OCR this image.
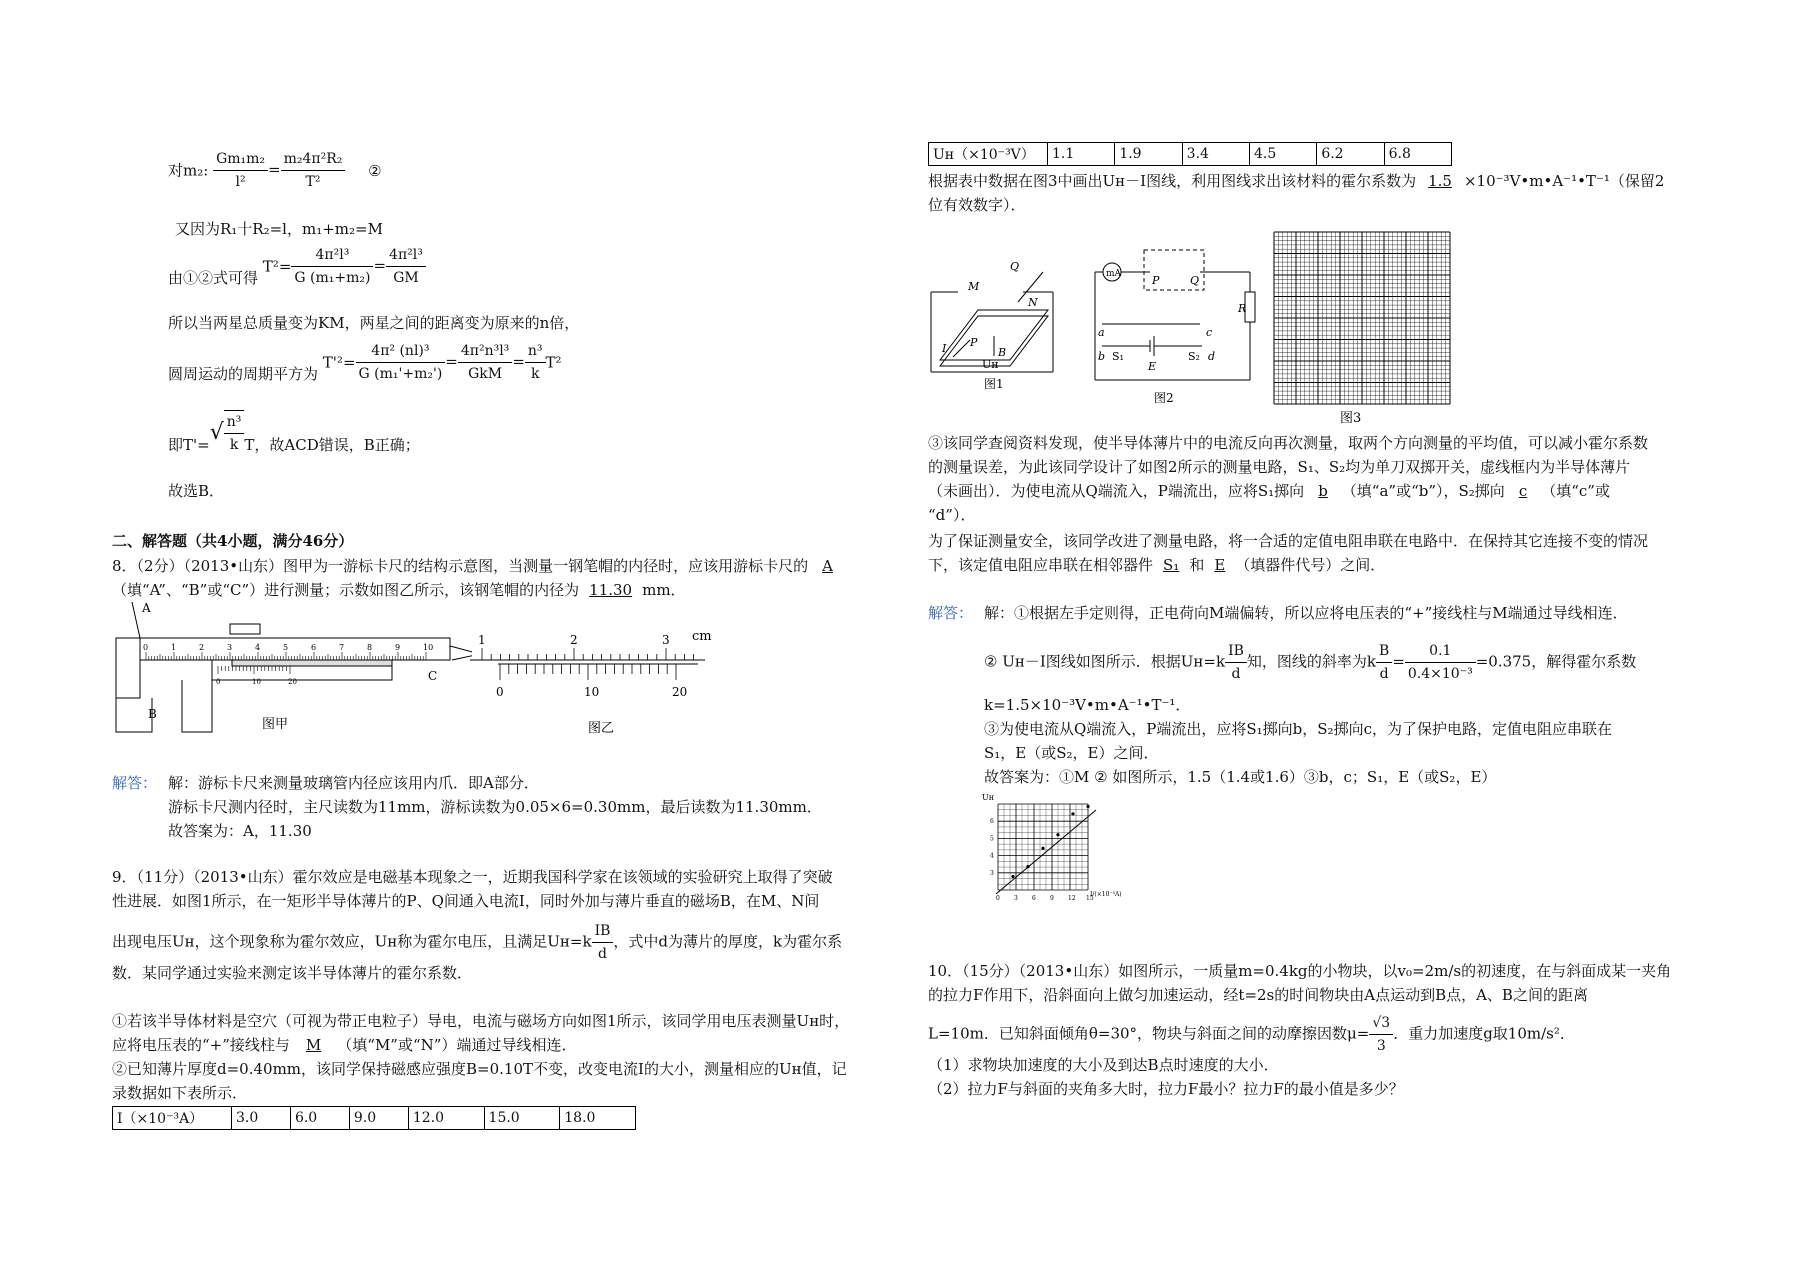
对m₂: $\frac{\text{Gm₁m₂}}{\text{l²}} = \frac{\text{m₂4π²R₂}}{\text{T²}}$ ②
又因为R₁十R₂=l，m₁+m₂=M
由①②式可得 $T^2= \frac{\text{4π²l³}}{\text{G (m₁+m₂)}} = \frac{\text{4π²l³}}{GM}$
所以当两星总质量变为KM，两星之间的距离变为原来的n倍，
圆周运动的周期平方为 $T'^2= \frac{\text{4π² (nl)³}}{\text{G (m₁'+m₂')}} = \frac{\text{4π²n³l³}}{\text{GkM}} = \frac{\text{n³}}{k} T^2$
即$T'=√ \frac{\text{n³}}{k}$ T，故ACD错误，B正确；
故选B．
二、解答题（共4小题，满分46分）
8．（2分）（2013•山东）图甲为一游标卡尺的结构示意图，当测量一钢笔帽的内径时，应该用游标卡尺的 A
（填“A”、“B”或“C”）进行测量；示数如图乙所示，该钢笔帽的内径为 11.30 mm．
0	1	2	3	4	5	6	7	8	9	10
0	10	20
A
B
C
图甲
1	2	3
0	10	20
cm
图乙
解答： 解：游标卡尺来测量玻璃管内径应该用内爪．即A部分．
游标卡尺测内径时，主尺读数为11mm，游标读数为0.05×6=0.30mm，最后读数为11.30mm．
故答案为：A，11.30
9．（11分）（2013•山东）霍尔效应是电磁基本现象之一，近期我国科学家在该领域的实验研究上取得了突破
性进展．如图1所示，在一矩形半导体薄片的P、Q间通入电流I，同时外加与薄片垂直的磁场B，在M、N间
出现电压Uʜ，这个现象称为霍尔效应，Uʜ称为霍尔电压，且满足Uʜ=k $\frac{IB}{d}$ ，式中d为薄片的厚度，k为霍尔系
数．某同学通过实验来测定该半导体薄片的霍尔系数．
①若该半导体材料是空穴（可视为带正电粒子）导电，电流与磁场方向如图1所示，该同学用电压表测量Uʜ时，
应将电压表的“+”接线柱与 M （填“M”或“N”）端通过导线相连．
②已知薄片厚度d=0.40mm，该同学保持磁感应强度B=0.10T不变，改变电流I的大小，测量相应的Uʜ值，记
录数据如下表所示．
I（×10⁻³A）	3.0	6.0	9.0	12.0	15.0	18.0
Uʜ（×10⁻³V）	1.1	1.9	3.4	4.5	6.2	6.8
根据表中数据在图3中画出Uʜ－I图线，利用图线求出该材料的霍尔系数为 1.5 ×10⁻³V•m•A⁻¹•T⁻¹（保留2
位有效数字）．
Q
M
N
P
B
I
Uʜ
图1
mA	P	Q
R
a
b
c
d
S₁
E
S₂
图2
图3
③该同学查阅资料发现，使半导体薄片中的电流反向再次测量，取两个方向测量的平均值，可以减小霍尔系数
的测量误差，为此该同学设计了如图2所示的测量电路，S₁、S₂均为单刀双掷开关，虚线框内为半导体薄片
（未画出）．为使电流从Q端流入，P端流出，应将S₁掷向 b （填“a”或“b”），S₂掷向 c （填“c”或
“d”）．
为了保证测量安全，该同学改进了测量电路，将一合适的定值电阻串联在电路中．在保持其它连接不变的情况
下，该定值电阻应串联在相邻器件 S₁ 和 E （填器件代号）之间．
解答： 解：①根据左手定则得，正电荷向M端偏转，所以应将电压表的“+”接线柱与M端通过导线相连．
② Uʜ－I图线如图所示．根据Uʜ=k $\frac{IB}{d}$ 知，图线的斜率为k $\frac{B}{d} = \frac{0.1}{\text{0.4×10⁻³}} =0.375$，解得霍尔系数
k=1.5×10⁻³V•m•A⁻¹•T⁻¹．
③为使电流从Q端流入，P端流出，应将S₁掷向b，S₂掷向c，为了保护电路，定值电阻应串联在
S₁，E（或S₂，E）之间．
故答案为：①M ② 如图所示，1.5（1.4或1.6）③b，c；S₁，E（或S₂，E）
0 3 6 9 12 15
3
4
5
6
Uʜ
I/(×10⁻³A)
10．（15分）（2013•山东）如图所示，一质量m=0.4kg的小物块，以v₀=2m/s的初速度，在与斜面成某一夹角
的拉力F作用下，沿斜面向上做匀加速运动，经t=2s的时间物块由A点运动到B点，A、B之间的距离
L=10m．已知斜面倾角θ=30°，物块与斜面之间的动摩擦因数$\mu= \frac{√3}{3}$ ．重力加速度g取10m/s²．
（1）求物块加速度的大小及到达B点时速度的大小．
（2）拉力F与斜面的夹角多大时，拉力F最小？拉力F的最小值是多少？
